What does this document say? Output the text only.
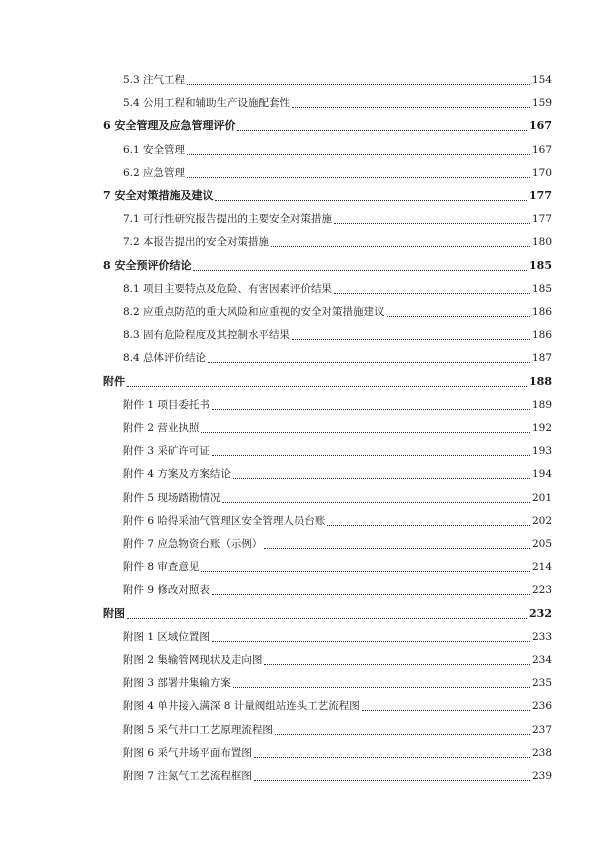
5.3 注气工程	154
5.4 公用工程和辅助生产设施配套性	159
6 安全管理及应急管理评价	167
6.1 安全管理	167
6.2 应急管理	170
7 安全对策措施及建议	177
7.1 可行性研究报告提出的主要安全对策措施	177
7.2 本报告提出的安全对策措施	180
8 安全预评价结论	185
8.1 项目主要特点及危险、有害因素评价结果	185
8.2 应重点防范的重大风险和应重视的安全对策措施建议	186
8.3 固有危险程度及其控制水平结果	186
8.4 总体评价结论	187
附件	188
附件 1 项目委托书	189
附件 2 营业执照	192
附件 3 采矿许可证	193
附件 4 方案及方案结论	194
附件 5 现场踏勘情况	201
附件 6 哈得采油气管理区安全管理人员台账	202
附件 7 应急物资台账（示例）	205
附件 8 审查意见	214
附件 9 修改对照表	223
附图	232
附图 1 区域位置图	233
附图 2 集输管网现状及走向图	234
附图 3 部署井集输方案	235
附图 4 单井接入满深 8 计量阀组站连头工艺流程图	236
附图 5 采气井口工艺原理流程图	237
附图 6 采气井场平面布置图	238
附图 7 注氮气工艺流程框图	239
